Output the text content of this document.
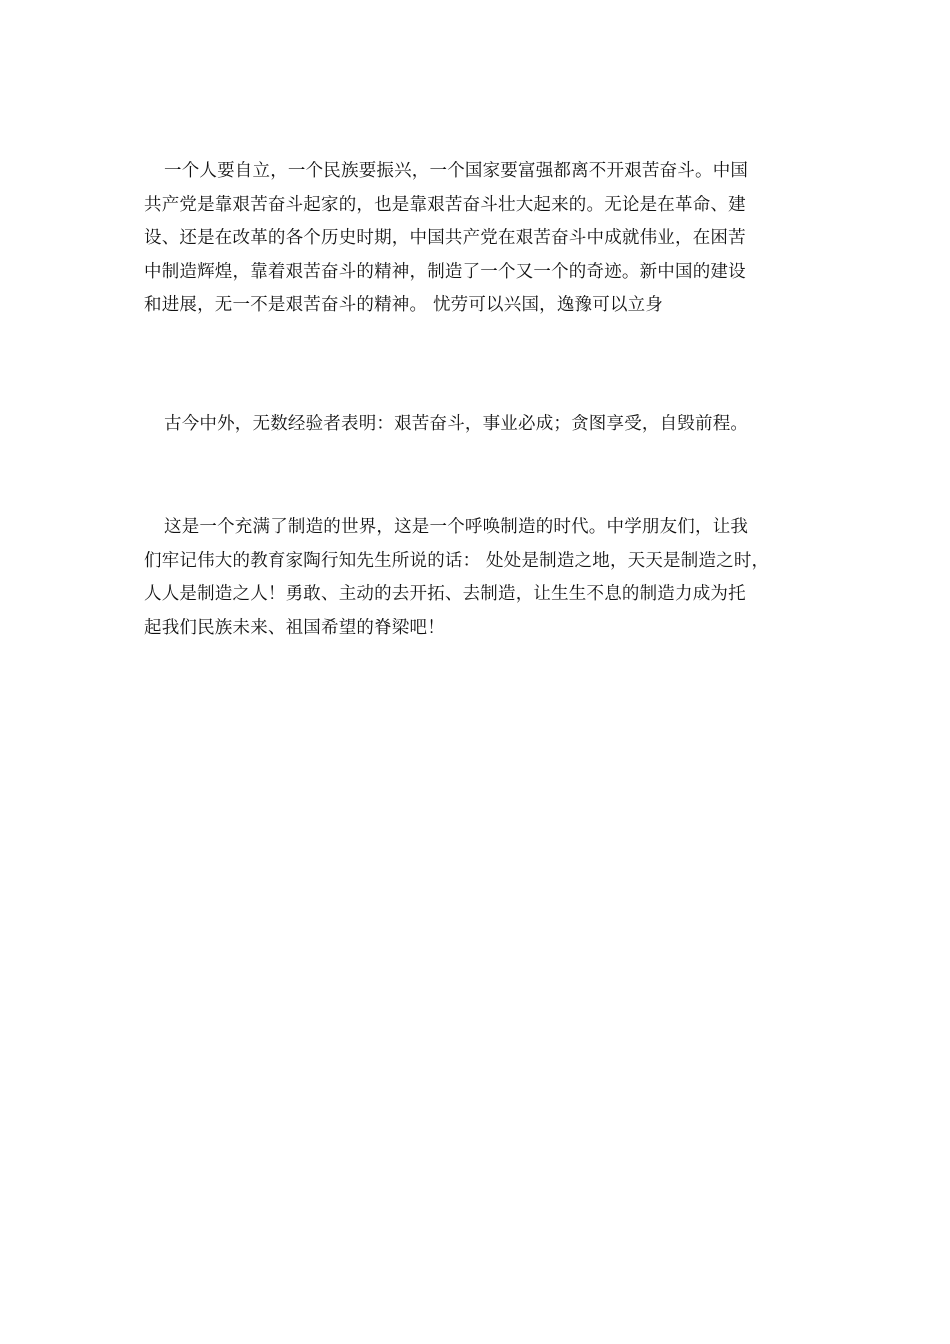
一个人要自立，一个民族要振兴，一个国家要富强都离不开艰苦奋斗。中国
共产党是靠艰苦奋斗起家的，也是靠艰苦奋斗壮大起来的。无论是在革命、建
设、还是在改革的各个历史时期，中国共产党在艰苦奋斗中成就伟业，在困苦
中制造辉煌，靠着艰苦奋斗的精神，制造了一个又一个的奇迹。新中国的建设
和进展，无一不是艰苦奋斗的精神。 忧劳可以兴国，逸豫可以立身
古今中外，无数经验者表明：艰苦奋斗，事业必成；贪图享受，自毁前程。
这是一个充满了制造的世界，这是一个呼唤制造的时代。中学朋友们，让我
们牢记伟大的教育家陶行知先生所说的话： 处处是制造之地，天天是制造之时，
人人是制造之人！勇敢、主动的去开拓、去制造，让生生不息的制造力成为托
起我们民族未来、祖国希望的脊梁吧！
